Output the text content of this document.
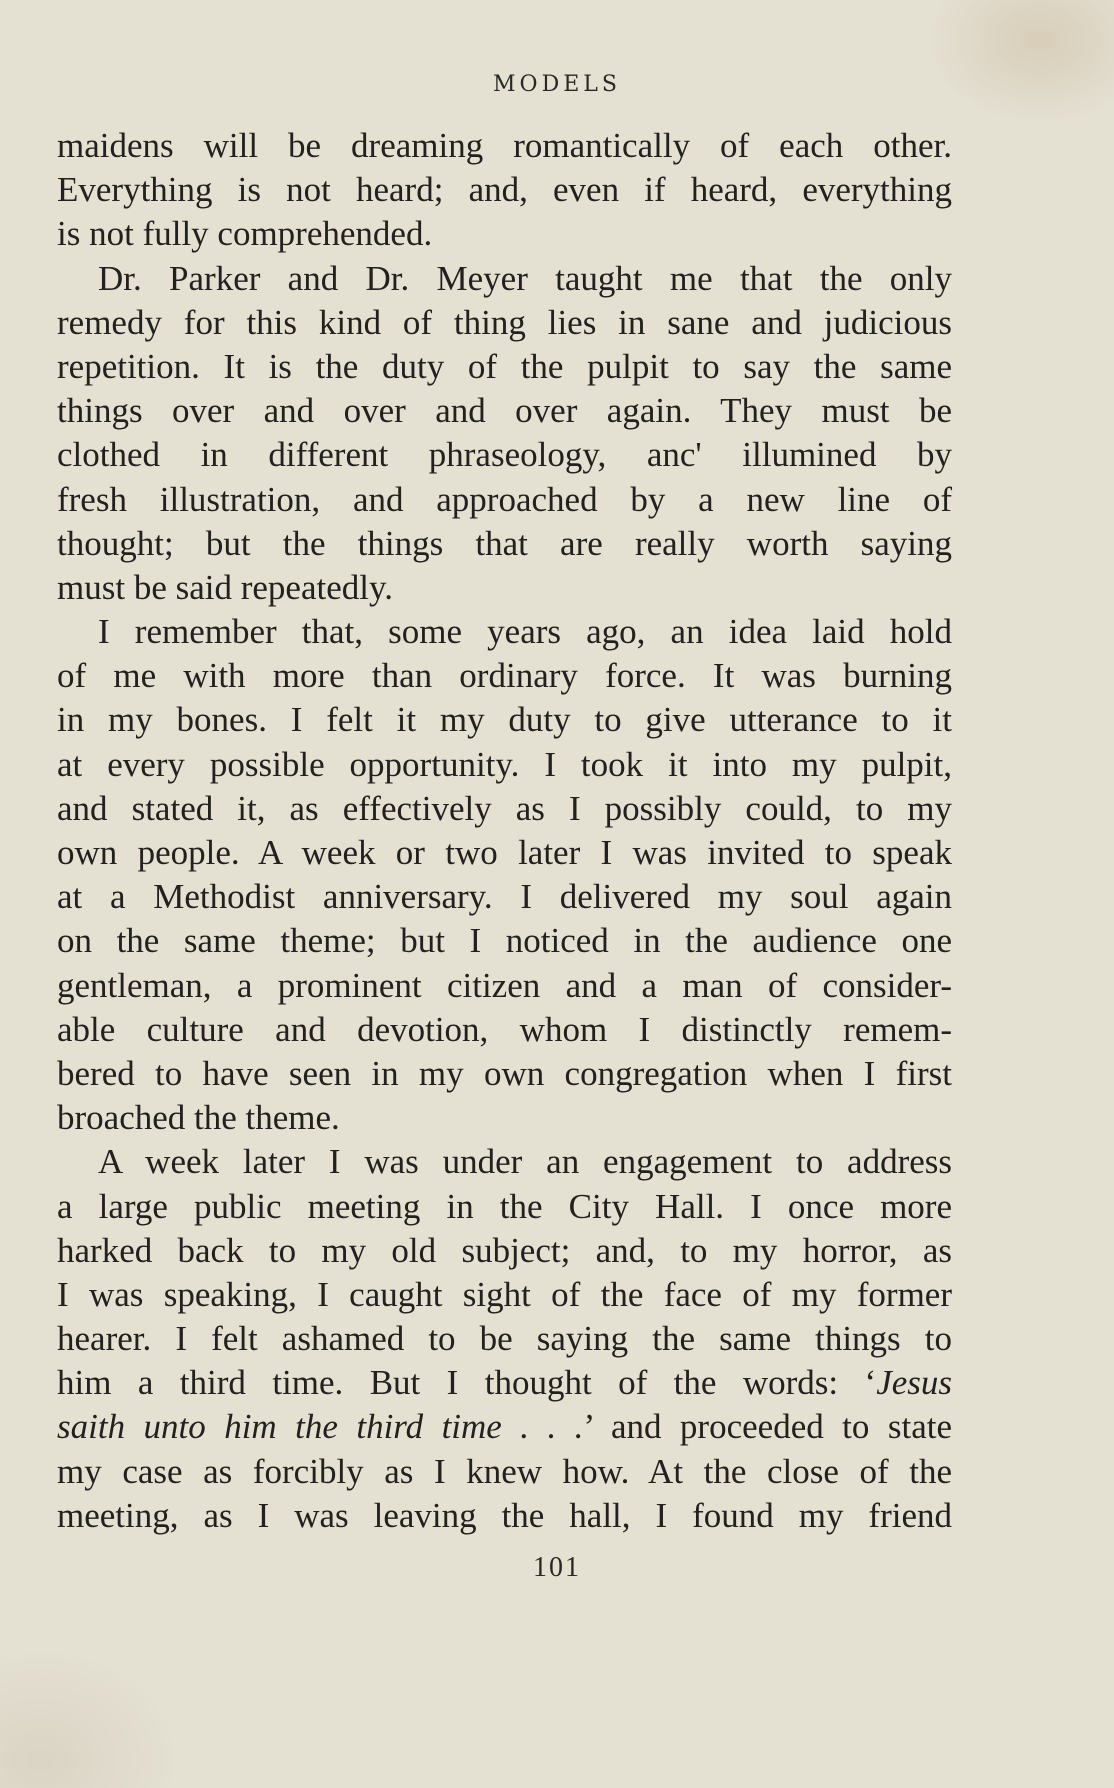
MODELS
maidens will be dreaming romantically of each other.
Everything is not heard; and, even if heard, everything
is not fully comprehended.
Dr. Parker and Dr. Meyer taught me that the only
remedy for this kind of thing lies in sane and judicious
repetition. It is the duty of the pulpit to say the same
things over and over and over again. They must be
clothed in different phraseology, anc' illumined by
fresh illustration, and approached by a new line of
thought; but the things that are really worth saying
must be said repeatedly.
I remember that, some years ago, an idea laid hold
of me with more than ordinary force. It was burning
in my bones. I felt it my duty to give utterance to it
at every possible opportunity. I took it into my pulpit,
and stated it, as effectively as I possibly could, to my
own people. A week or two later I was invited to speak
at a Methodist anniversary. I delivered my soul again
on the same theme; but I noticed in the audience one
gentleman, a prominent citizen and a man of consider-
able culture and devotion, whom I distinctly remem-
bered to have seen in my own congregation when I first
broached the theme.
A week later I was under an engagement to address
a large public meeting in the City Hall. I once more
harked back to my old subject; and, to my horror, as
I was speaking, I caught sight of the face of my former
hearer. I felt ashamed to be saying the same things to
him a third time. But I thought of the words: ‘Jesus
saith unto him the third time . . .’ and proceeded to state
my case as forcibly as I knew how. At the close of the
meeting, as I was leaving the hall, I found my friend
101
